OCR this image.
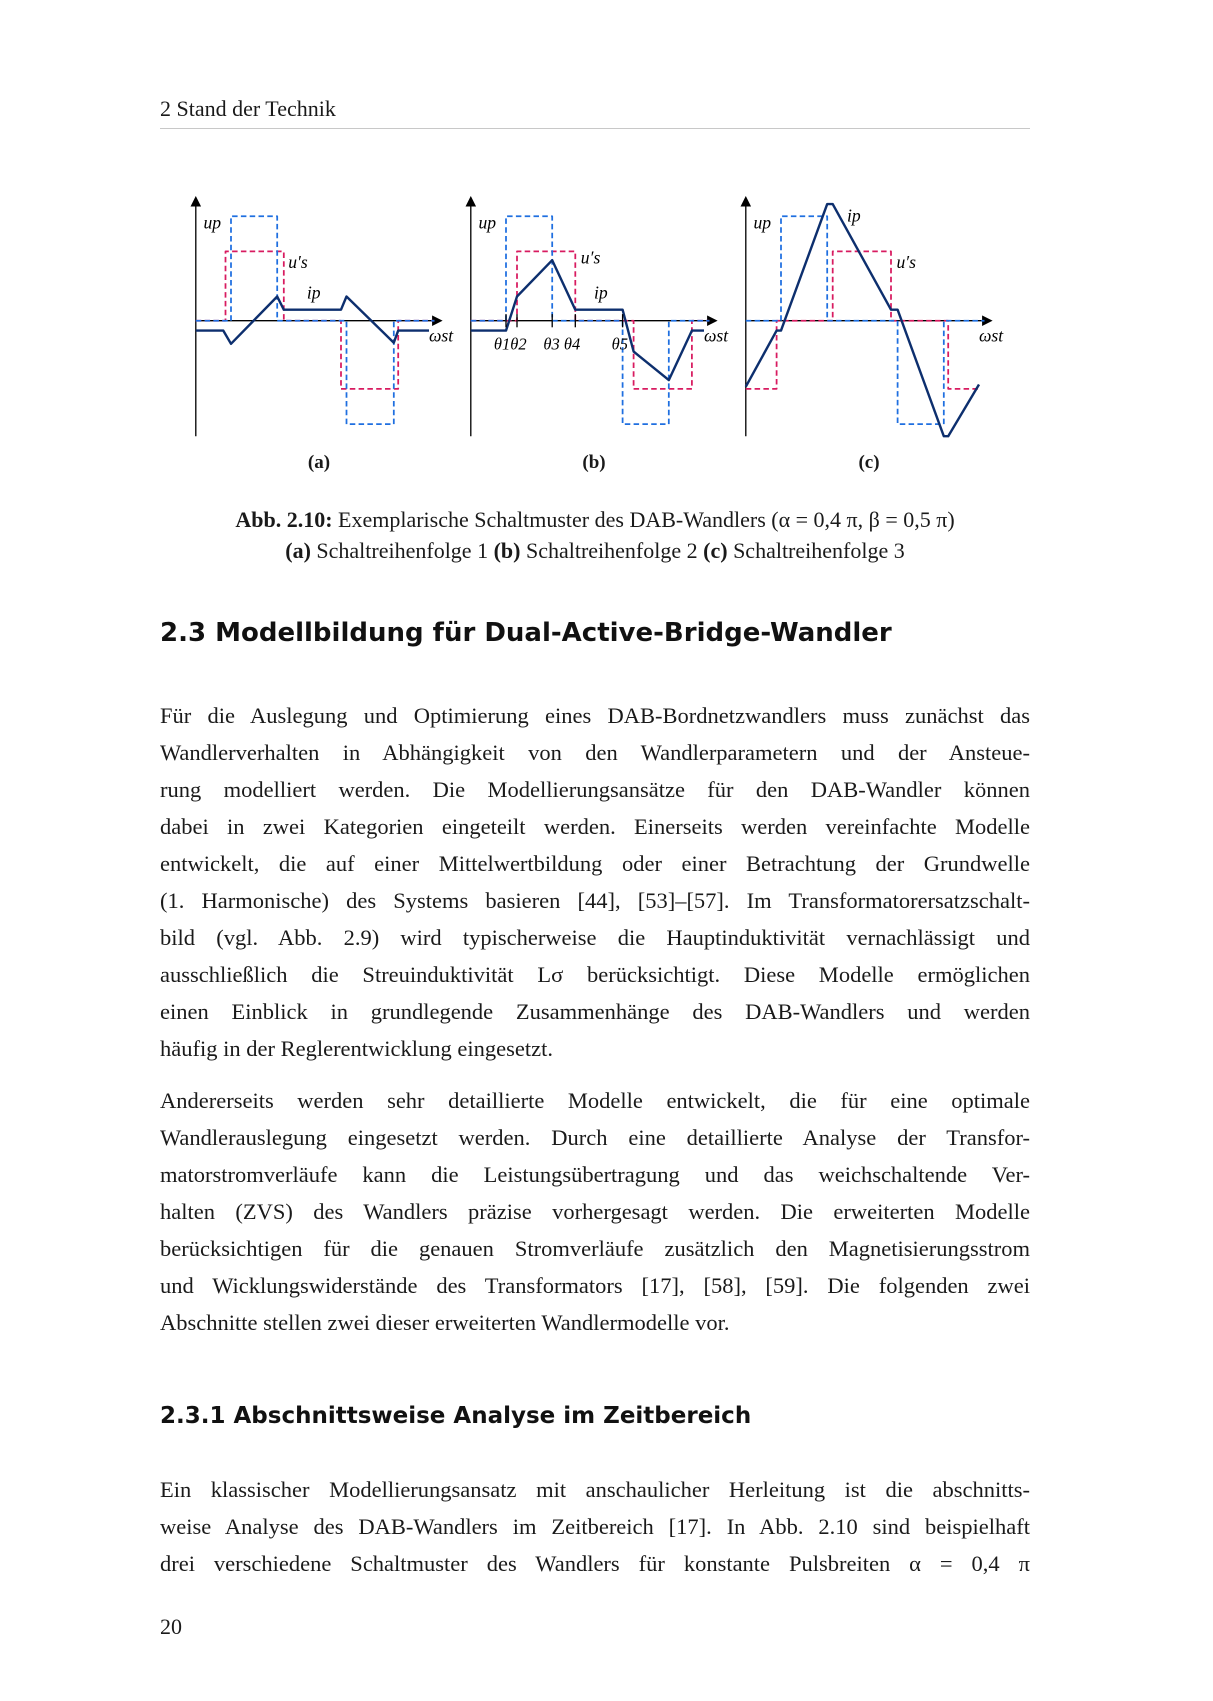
2 Stand der Technik
up
u′s
ip
ωst
up
u′s
ip
ωst
up
u′s
ip
ωst
θ1θ2 θ3 θ4 θ5
(a)	(b)	(c)
Abb. 2.10: Exemplarische Schaltmuster des DAB-Wandlers (α = 0,4 π, β = 0,5 π)
(a) Schaltreihenfolge 1 (b) Schaltreihenfolge 2 (c) Schaltreihenfolge 3
2.3 Modellbildung für Dual-Active-Bridge-Wandler
Für die Auslegung und Optimierung eines DAB-Bordnetzwandlers muss zunächst das
Wandlerverhalten in Abhängigkeit von den Wandlerparametern und der Ansteue-
rung modelliert werden. Die Modellierungsansätze für den DAB-Wandler können
dabei in zwei Kategorien eingeteilt werden. Einerseits werden vereinfachte Modelle
entwickelt, die auf einer Mittelwertbildung oder einer Betrachtung der Grundwelle
(1. Harmonische) des Systems basieren [44], [53]–[57]. Im Transformatorersatzschalt-
bild (vgl. Abb. 2.9) wird typischerweise die Hauptinduktivität vernachlässigt und
ausschließlich die Streuinduktivität Lσ berücksichtigt. Diese Modelle ermöglichen
einen Einblick in grundlegende Zusammenhänge des DAB-Wandlers und werden
häufig in der Reglerentwicklung eingesetzt.
Andererseits werden sehr detaillierte Modelle entwickelt, die für eine optimale
Wandlerauslegung eingesetzt werden. Durch eine detaillierte Analyse der Transfor-
matorstromverläufe kann die Leistungsübertragung und das weichschaltende Ver-
halten (ZVS) des Wandlers präzise vorhergesagt werden. Die erweiterten Modelle
berücksichtigen für die genauen Stromverläufe zusätzlich den Magnetisierungsstrom
und Wicklungswiderstände des Transformators [17], [58], [59]. Die folgenden zwei
Abschnitte stellen zwei dieser erweiterten Wandlermodelle vor.
2.3.1 Abschnittsweise Analyse im Zeitbereich
Ein klassischer Modellierungsansatz mit anschaulicher Herleitung ist die abschnitts-
weise Analyse des DAB-Wandlers im Zeitbereich [17]. In Abb. 2.10 sind beispielhaft
drei verschiedene Schaltmuster des Wandlers für konstante Pulsbreiten α = 0,4 π
20
